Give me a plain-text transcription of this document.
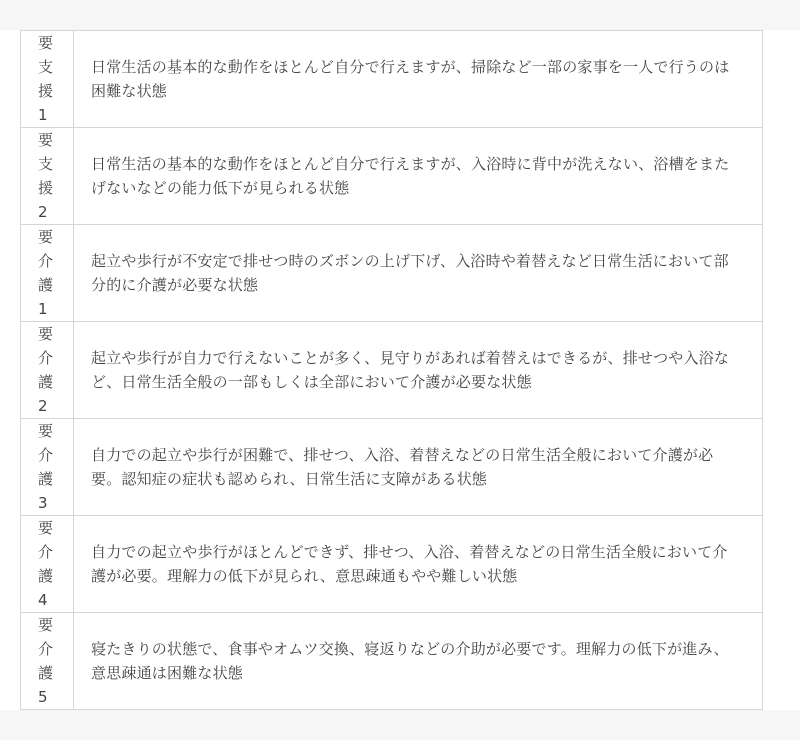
要支援1	日常生活の基本的な動作をほとんど自分で行えますが、掃除など一部の家事を一人で行うのは困難な状態

要支援2	日常生活の基本的な動作をほとんど自分で行えますが、入浴時に背中が洗えない、浴槽をまたげないなどの能力低下が見られる状態

要介護1	起立や歩行が不安定で排せつ時のズボンの上げ下げ、入浴時や着替えなど日常生活において部分的に介護が必要な状態

要介護2	起立や歩行が自力で行えないことが多く、見守りがあれば着替えはできるが、排せつや入浴など、日常生活全般の一部もしくは全部において介護が必要な状態

要介護3	自力での起立や歩行が困難で、排せつ、入浴、着替えなどの日常生活全般において介護が必要。認知症の症状も認められ、日常生活に支障がある状態

要介護4	自力での起立や歩行がほとんどできず、排せつ、入浴、着替えなどの日常生活全般において介護が必要。理解力の低下が見られ、意思疎通もやや難しい状態

要介護5	寝たきりの状態で、食事やオムツ交換、寝返りなどの介助が必要です。理解力の低下が進み、意思疎通は困難な状態
